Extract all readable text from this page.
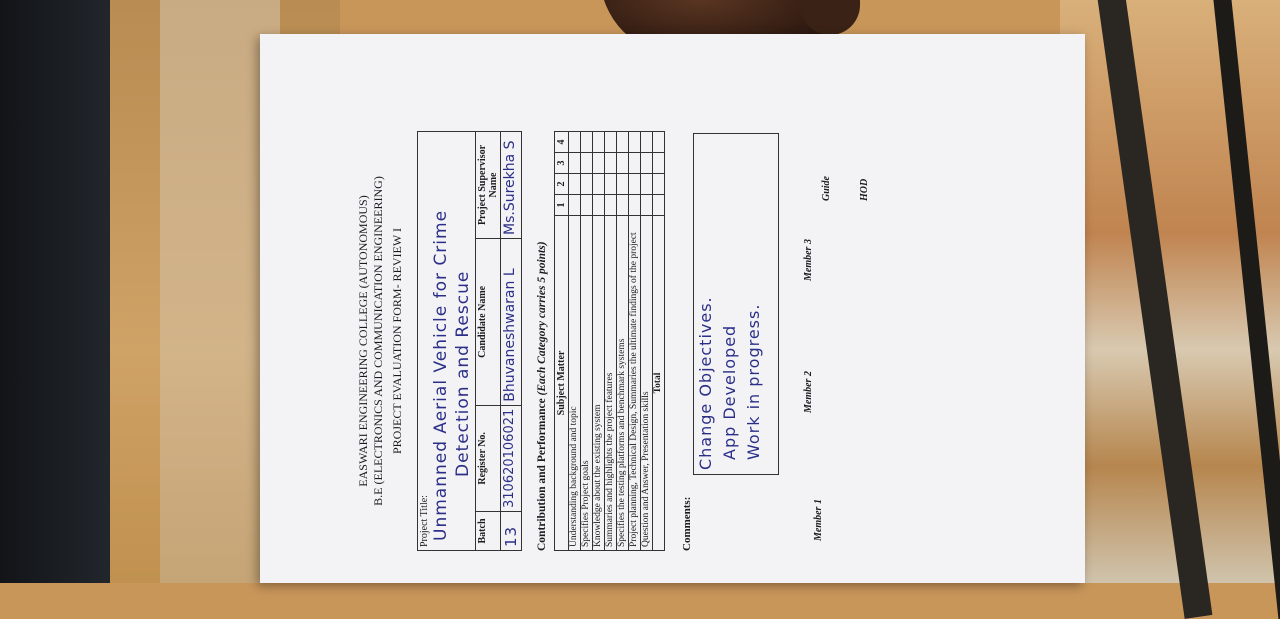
EASWARI ENGINEERING COLLEGE (AUTONOMOUS) B.E (ELECTRONICS AND COMMUNICATION ENGINEERING) PROJECT EVALUATION FORM- REVIEW I
Project Title: Unmanned Aerial Vehicle for Crime Detection and Rescue			

Batch	Register No.	Candidate Name	Project Supervisor Name
13	310620106021	Bhuvaneshwaran L	Ms.Surekha S
Contribution and Performance (Each Category carries 5 points) Subject Matter	1	2	3	4
Understanding background and topic				
Specifies Project goals				
Knowledge about the existing system				
Summaries and highlights the project features				
Specifies the testing platforms and benchmark systems				
Project planning, Technical Design, Summaries the ultimate findings of the project				
Question and Answer, Presentation skills				
Total				
Comments:
Change Objectives. App Developed Work in progress.
Member 1
Member 2
Member 3
Guide	HOD
